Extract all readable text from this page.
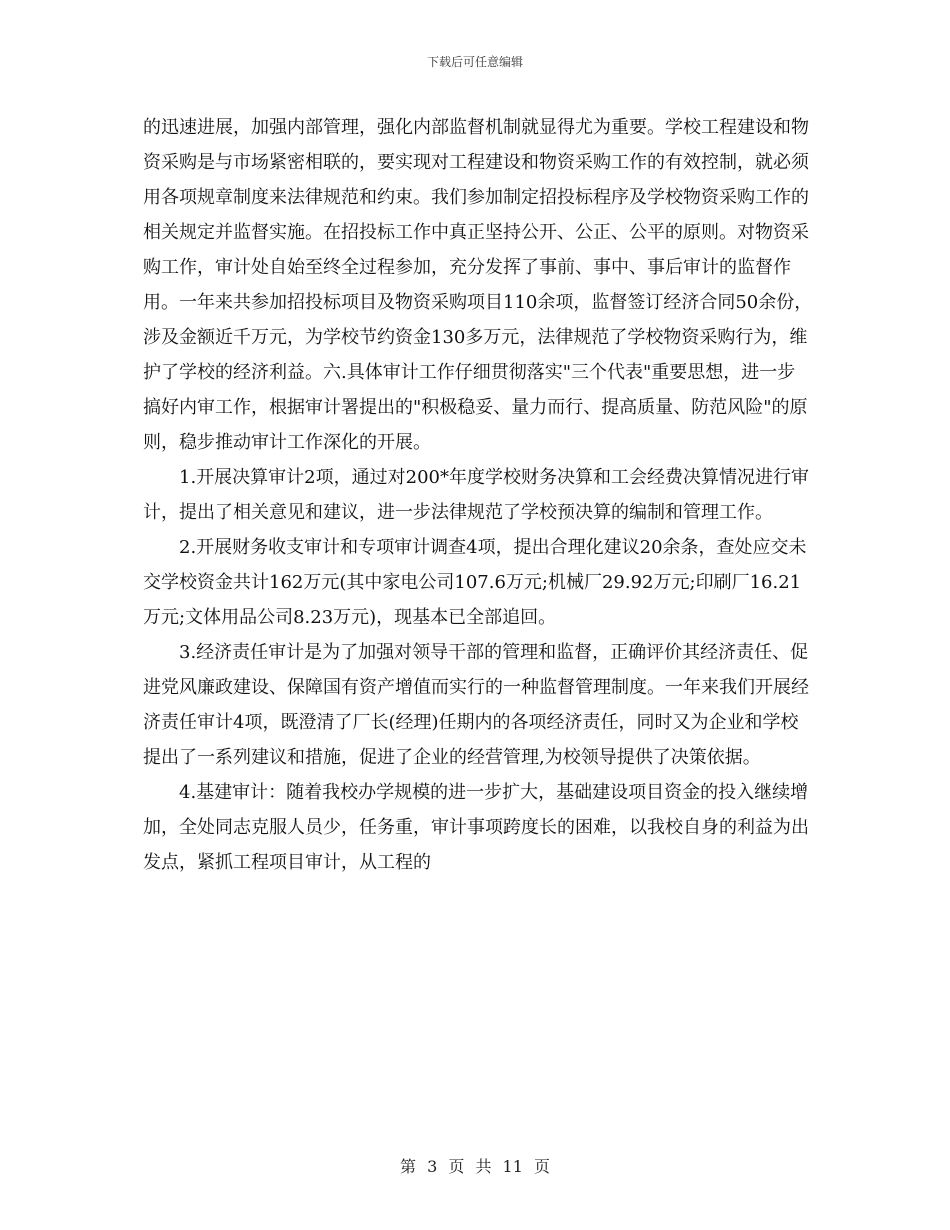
下载后可任意编辑

的迅速进展，加强内部管理，强化内部监督机制就显得尤为重要。学校工程建设和物资采购是与市场紧密相联的，要实现对工程建设和物资采购工作的有效控制，就必须用各项规章制度来法律规范和约束。我们参加制定招投标程序及学校物资采购工作的相关规定并监督实施。在招投标工作中真正坚持公开、公正、公平的原则。对物资采购工作，审计处自始至终全过程参加，充分发挥了事前、事中、事后审计的监督作用。一年来共参加招投标项目及物资采购项目110余项，监督签订经济合同50余份，涉及金额近千万元，为学校节约资金130多万元，法律规范了学校物资采购行为，维护了学校的经济利益。六.具体审计工作仔细贯彻落实"三个代表"重要思想，进一步搞好内审工作，根据审计署提出的"积极稳妥、量力而行、提高质量、防范风险"的原则，稳步推动审计工作深化的开展。

1.开展决算审计2项，通过对200*年度学校财务决算和工会经费决算情况进行审计，提出了相关意见和建议，进一步法律规范了学校预决算的编制和管理工作。

2.开展财务收支审计和专项审计调查4项，提出合理化建议20余条，查处应交未交学校资金共计162万元(其中家电公司107.6万元;机械厂29.92万元;印刷厂16.21万元;文体用品公司8.23万元)，现基本已全部追回。

3.经济责任审计是为了加强对领导干部的管理和监督，正确评价其经济责任、促进党风廉政建设、保障国有资产增值而实行的一种监督管理制度。一年来我们开展经济责任审计4项，既澄清了厂长(经理)任期内的各项经济责任，同时又为企业和学校提出了一系列建议和措施，促进了企业的经营管理,为校领导提供了决策依据。

4.基建审计：随着我校办学规模的进一步扩大，基础建设项目资金的投入继续增加，全处同志克服人员少，任务重，审计事项跨度长的困难，以我校自身的利益为出发点，紧抓工程项目审计，从工程的

第 3 页 共 11 页
